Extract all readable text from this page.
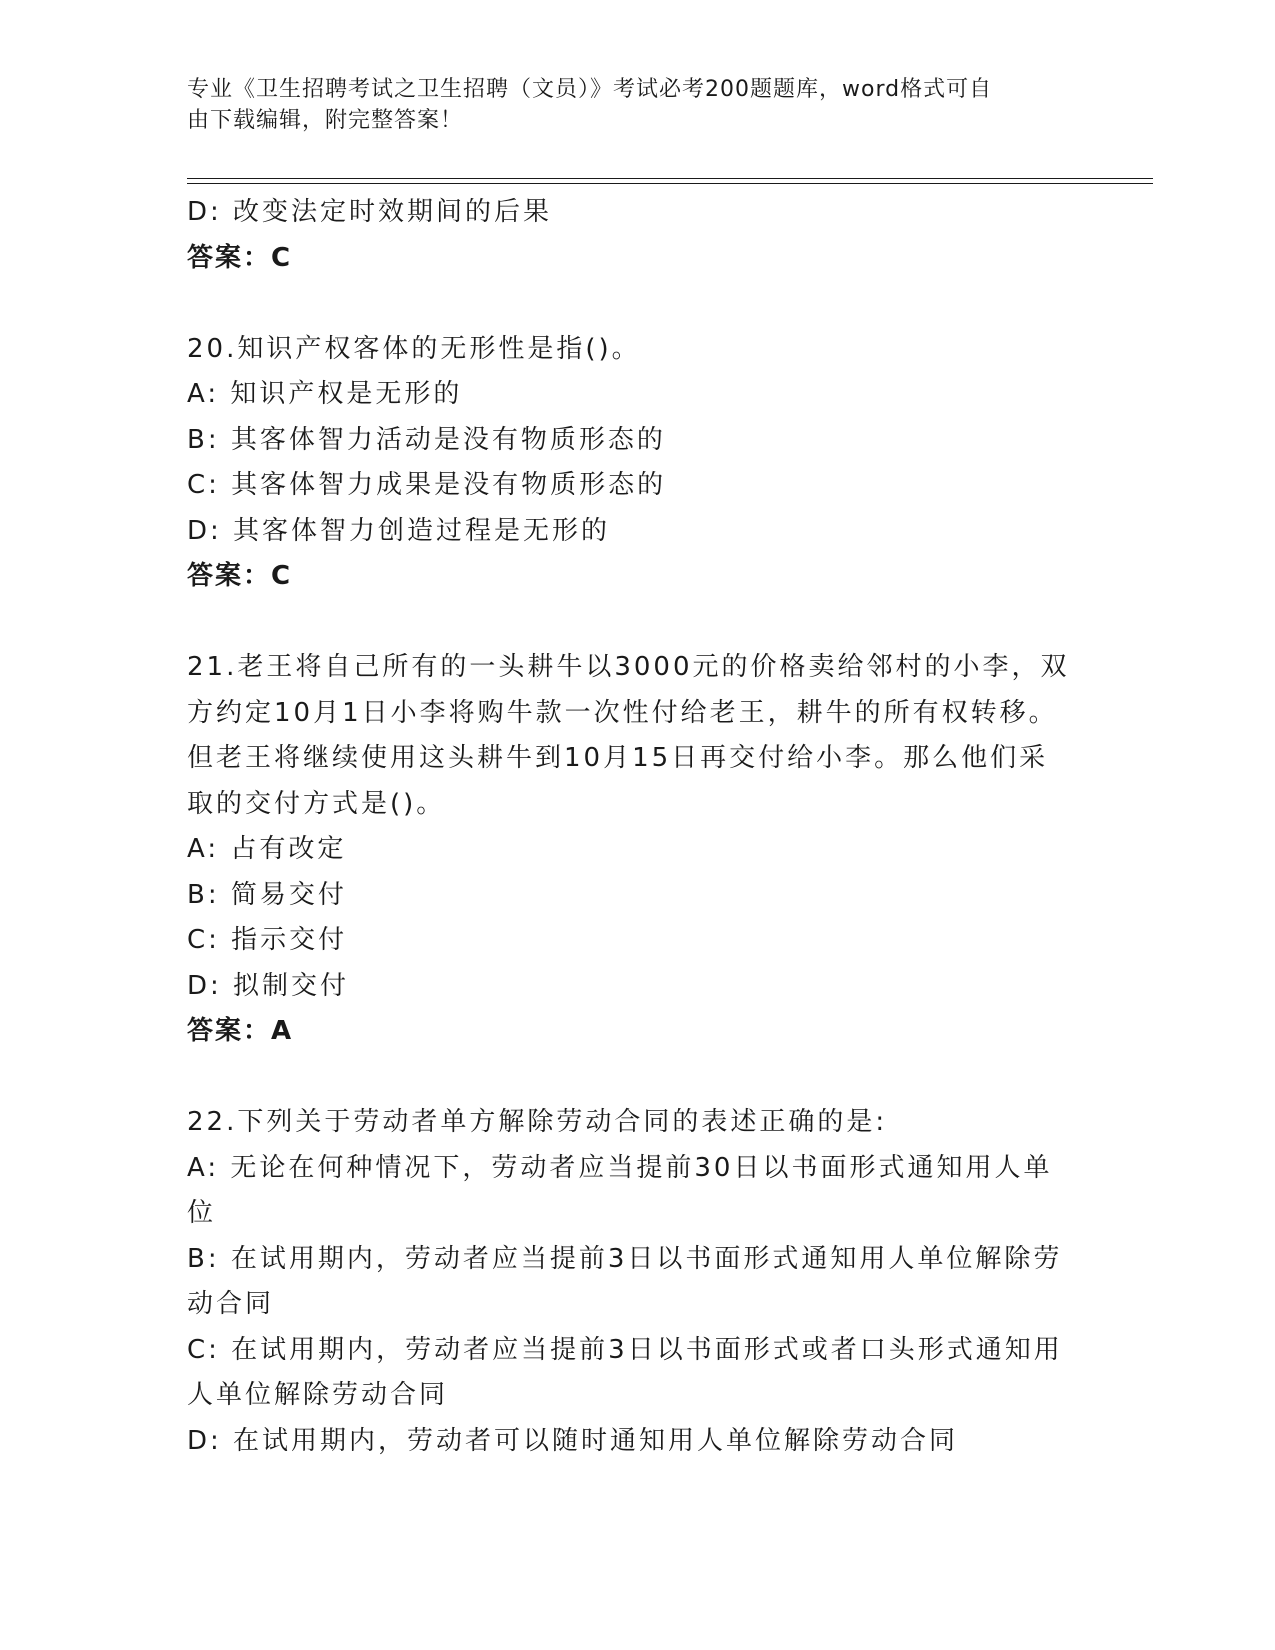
专业《卫生招聘考试之卫生招聘（文员）》考试必考200题题库，word格式可自
由下载编辑，附完整答案！

D: 改变法定时效期间的后果

答案：C

20.知识产权客体的无形性是指()。

A: 知识产权是无形的

B: 其客体智力活动是没有物质形态的

C: 其客体智力成果是没有物质形态的

D: 其客体智力创造过程是无形的

答案：C

21.老王将自己所有的一头耕牛以3000元的价格卖给邻村的小李，双

方约定10月1日小李将购牛款一次性付给老王，耕牛的所有权转移。

但老王将继续使用这头耕牛到10月15日再交付给小李。那么他们采

取的交付方式是()。

A: 占有改定

B: 简易交付

C: 指示交付

D: 拟制交付

答案：A

22.下列关于劳动者单方解除劳动合同的表述正确的是:

A: 无论在何种情况下，劳动者应当提前30日以书面形式通知用人单

位

B: 在试用期内，劳动者应当提前3日以书面形式通知用人单位解除劳

动合同

C: 在试用期内，劳动者应当提前3日以书面形式或者口头形式通知用

人单位解除劳动合同

D: 在试用期内，劳动者可以随时通知用人单位解除劳动合同
